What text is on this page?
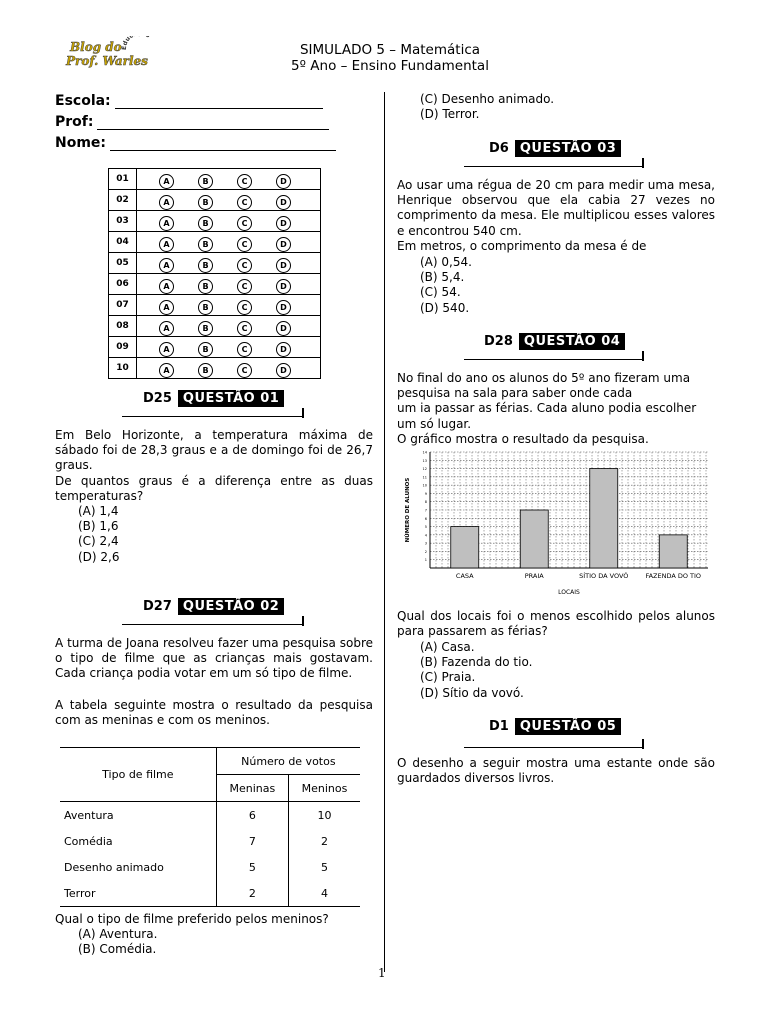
Educ
Blog do
Prof. Warles
SIMULADO 5 – Matemática
5º Ano – Ensino Fundamental
Escola:
Prof:
Nome:
01	A B C D
02	A B C D
03	A B C D
04	A B C D
05	A B C D
06	A B C D
07	A B C D
08	A B C D
09	A B C D
10	A B C D
D25 QUESTÃO 01
Em Belo Horizonte, a temperatura máxima de sábado foi de 28,3 graus e a de domingo foi de 26,7 graus.
De quantos graus é a diferença entre as duas temperaturas?
(A) 1,4
(B) 1,6
(C) 2,4
(D) 2,6
D27 QUESTÃO 02
A turma de Joana resolveu fazer uma pesquisa sobre o tipo de filme que as crianças mais gostavam. Cada criança podia votar em um só tipo de filme.
A tabela seguinte mostra o resultado da pesquisa com as meninas e com os meninos.
Tipo de filme	Número de votos	
	Meninas	Meninos
Aventura	6	10
Comédia	7	2
Desenho animado	5	5
Terror	2	4
Qual o tipo de filme preferido pelos meninos?
(A) Aventura.
(B) Comédia.
(C) Desenho animado.
(D) Terror.
D6 QUESTÃO 03
Ao usar uma régua de 20 cm para medir uma mesa, Henrique observou que ela cabia 27 vezes no comprimento da mesa. Ele multiplicou esses valores e encontrou 540 cm.
Em metros, o comprimento da mesa é de
(A) 0,54.
(B) 5,4.
(C) 54.
(D) 540.
D28 QUESTÃO 04
No final do ano os alunos do 5º ano fizeram uma
pesquisa na sala para saber onde cada
um ia passar as férias. Cada aluno podia escolher
um só lugar.
O gráfico mostra o resultado da pesquisa.
1
2
3
4
5
6
7
8
9
10
11
12
13
14
CASA	PRAIA	SÍTIO DA VOVÓ	FAZENDA DO TIO
LOCAIS
NÚMERO DE ALUNOS
Qual dos locais foi o menos escolhido pelos alunos para passarem as férias?
(A) Casa.
(B) Fazenda do tio.
(C) Praia.
(D) Sítio da vovó.
D1 QUESTÃO 05
O desenho a seguir mostra uma estante onde são guardados diversos livros.
1
